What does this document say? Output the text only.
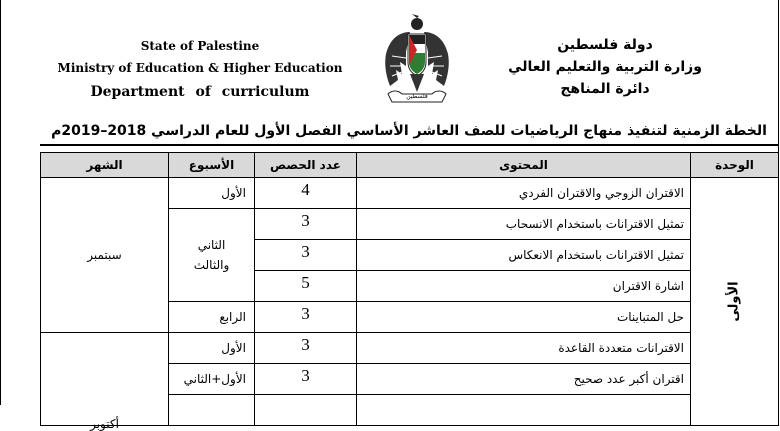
State of Palestine
Ministry of Education & Higher Education
Department of curriculum	فلسطين
دولة فلسطين
وزارة التربية والتعليم العالي
دائرة المناهج
الخطة الزمنية لتنفيذ منهاج الرياضيات للصف العاشر الأساسي الفصل الأول للعام الدراسي 2018–2019م
الوحدة	المحتوى	عدد الحصص	الأسبوع	الشهر
الأولى	الاقتران الزوجي والاقتران الفردي	4	الأول	سبتمبر
	تمثيل الاقترانات باستخدام الانسحاب	3	الثاني
والثالث	

	تمثيل الاقترانات باستخدام الانعكاس	3		
	اشارة الاقتران	5		
	حل المتباينات	3	الرابع	
	الاقترانات متعددة القاعدة	3	الأول	أكتوبر

	اقتران أكبر عدد صحيح	3	الأول+الثاني	
